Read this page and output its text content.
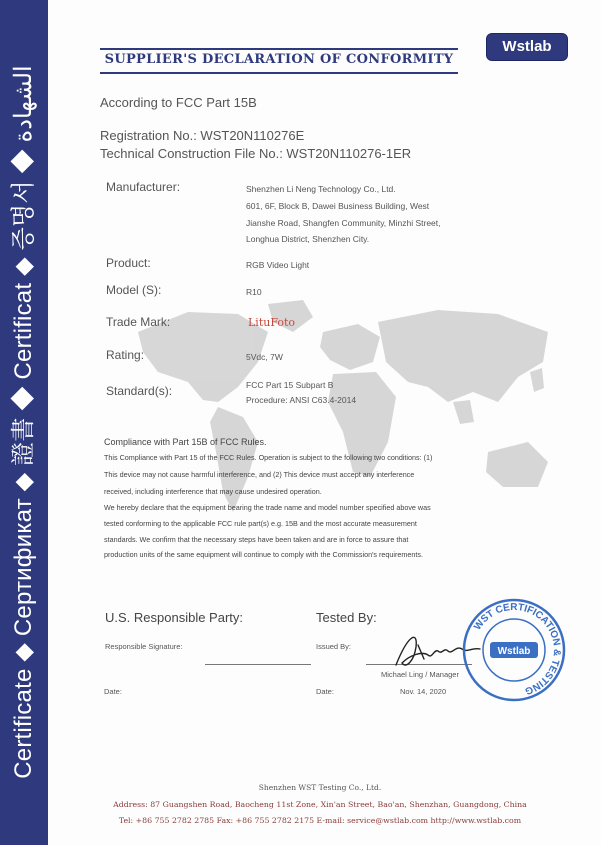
Certificate ◆ Сертификат ◆ 證書 ◆ Certificat ◆ 증명서 ◆ الشهادة
SUPPLIER'S DECLARATION OF CONFORMITY
Wstlab
According to FCC Part 15B
Registration No.: WST20N110276E
Technical Construction File No.: WST20N110276-1ER
Manufacturer:	Shenzhen Li Neng Technology Co., Ltd.
601, 6F, Block B, Dawei Business Building, West
Jianshe Road, Shangfen Community, Minzhi Street,
Longhua District, Shenzhen City.
Product:	RGB Video Light
Model (S):	R10
Trade Mark:	LituFoto
Rating:	5Vdc, 7W
Standard(s):	FCC Part 15 Subpart B
Procedure: ANSI C63.4-2014
Compliance with Part 15B of FCC Rules.
This Compliance with Part 15 of the FCC Rules. Operation is subject to the following two conditions: (1)
This device may not cause harmful interference, and (2) This device must accept any interference
received, including interference that may cause undesired operation.
We hereby declare that the equipment bearing the trade name and model number specified above was
tested conforming to the applicable FCC rule part(s) e.g. 15B and the most accurate measurement
standards. We confirm that the necessary steps have been taken and are in force to assure that
production units of the same equipment will continue to comply with the Commission's requirements.
U.S. Responsible Party:	Tested By:
Responsible Signature:	Issued By:
Michael Ling / Manager
Date:	Date:	Nov. 14, 2020
WST CERTIFICATION & TESTING
Wstlab
Shenzhen WST Testing Co., Ltd.
Address: 87 Guangshen Road, Baocheng 11st Zone, Xin'an Street, Bao'an, Shenzhan, Guangdong, China
Tel: +86 755 2782 2785 Fax: +86 755 2782 2175 E-mail: service@wstlab.com http://www.wstlab.com
